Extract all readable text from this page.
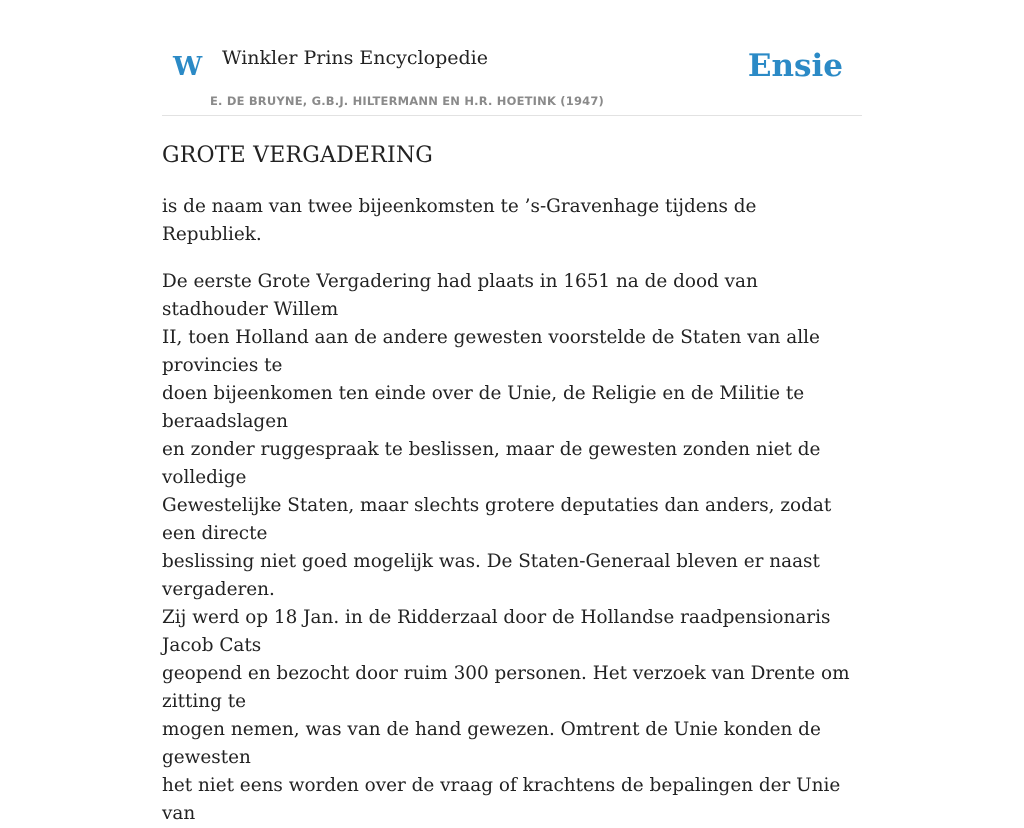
W Winkler Prins Encyclopedie
E. DE BRUYNE, G.B.J. HILTERMANN EN H.R. HOETINK (1947)
Ensie
GROTE VERGADERING

is de naam van twee bijeenkomsten te ’s-Gravenhage tijdens de Republiek.

De eerste Grote Vergadering had plaats in 1651 na de dood van stadhouder Willem
II, toen Holland aan de andere gewesten voorstelde de Staten van alle provincies te
doen bijeenkomen ten einde over de Unie, de Religie en de Militie te beraadslagen
en zonder ruggespraak te beslissen, maar de gewesten zonden niet de volledige
Gewestelijke Staten, maar slechts grotere deputaties dan anders, zodat een directe
beslissing niet goed mogelijk was. De Staten-Generaal bleven er naast vergaderen.
Zij werd op 18 Jan. in de Ridderzaal door de Hollandse raadpensionaris Jacob Cats
geopend en bezocht door ruim 300 personen. Het verzoek van Drente om zitting te
mogen nemen, was van de hand gewezen. Omtrent de Unie konden de gewesten
het niet eens worden over de vraag of krachtens de bepalingen der Unie van
